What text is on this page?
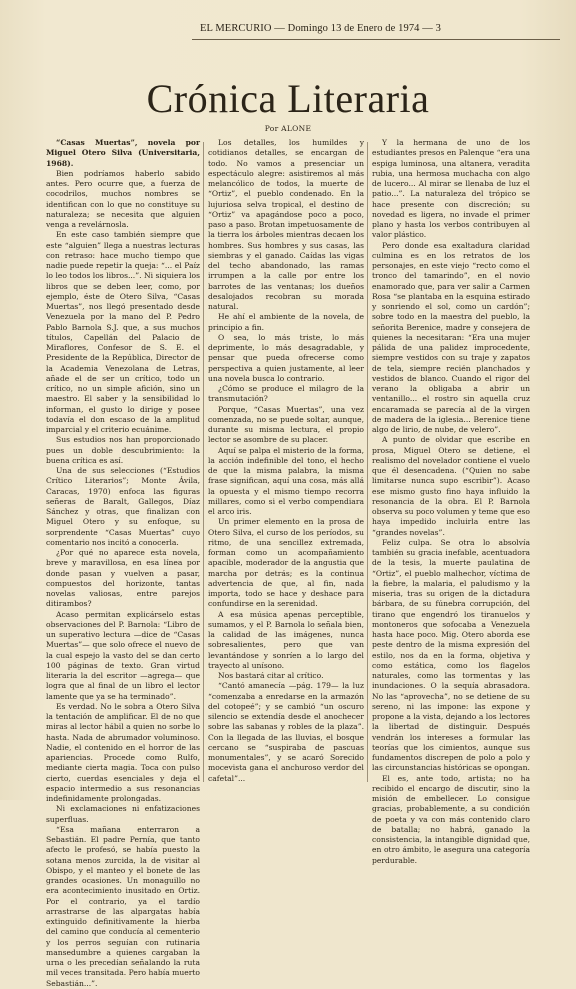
EL MERCURIO — Domingo 13 de Enero de 1974 — 3
Crónica Literaria
Por ALONE

“Casas Muertas”, novela por Miguel Otero Silva (Universitaria, 1968).

Bien podríamos haberlo sabido antes. Pero ocurre que, a fuerza de cocodrilos, muchos nombres se identifican con lo que no constituye su naturaleza; se necesita que alguien venga a revelárnosla.

En este caso también siempre que este “alguien” llega a nuestras lecturas con retraso: hace mucho tiempo que nadie puede repetir la queja: “... el Paíz lo leo todos los libros...”. Ni siquiera los libros que se deben leer, como, por ejemplo, éste de Otero Silva, “Casas Muertas”, nos llegó presentado desde Venezuela por la mano del P. Pedro Pablo Barnola S.J. que, a sus muchos títulos, Capellán del Palacio de Miraflores, Confesor de S. E. el Presidente de la República, Director de la Academia Venezolana de Letras, añade el de ser un crítico, todo un crítico, no un simple afición, sino un maestro. El saber y la sensibilidad lo informan, el gusto lo dirige y posee todavía el don escaso de la amplitud imparcial y el criterio ecuánime.

Sus estudios nos han proporcionado pues un doble descubrimiento: la buena crítica es así.

Una de sus selecciones (“Estudios Crítico Literarios”; Monte Ávila, Caracas, 1970) enfoca las figuras señeras de Baralt, Gallegos, Díaz Sánchez y otras, que finalizan con Miguel Otero y su enfoque, su sorprendente “Casas Muertas” cuyo comentario nos incitó a conocerla.

¿Por qué no aparece esta novela, breve y maravillosa, en esa línea por donde pasan y vuelven a pasar, compuestos del horizonte, tantas novelas valiosas, entre parejos ditirambos?

Acaso permitan explicárselo estas observaciones del P. Barnola: “Libro de un superativo lectura —dice de “Casas Muertas”— que solo ofrece el nuevo de la cual espejo la vasto del se dan certo 100 páginas de texto. Gran virtud literaria la del escritor —agrega— que logra que al final de un libro el lector lamente que ya se ha terminado”.

Es verdad. No le sobra a Otero Silva la tentación de amplificar. El de no que miras al lector hábil a quien no sorbe lo hasta. Nada de abrumador voluminoso. Nadie, el contenido en el horror de las apariencias. Procede como Rulfo, mediante cierta magia. Toca con pulso cierto, cuerdas esenciales y deja el espacio intermedio a sus resonancias indefinidamente prolongadas.

Ni exclamaciones ni enfatizaciones superfluas.

“Esa mañana enterraron a Sebastián. El padre Pernía, que tanto afecto le profesó, se había puesto la sotana menos zurcida, la de visitar al Obispo, y el manteo y el bonete de las grandes ocasiones. Un monaguillo no era acontecimiento inusitado en Ortiz. Por el contrario, ya el tardío arrastrarse de las alpargatas había extinguido definitivamente la hierba del camino que conducía al cementerio y los perros seguían con rutinaria mansedumbre a quienes cargaban la urna o les precedían señalando la ruta mil veces transitada. Pero había muerto Sebastián...”.

Los detalles, los humildes y cotidianos detalles, se encargan de todo. No vamos a presenciar un espectáculo alegre: asistiremos al más melancólico de todos, la muerte de “Ortiz”, el pueblo condenado. En la lujuriosa selva tropical, el destino de “Ortiz” va apagándose poco a poco, paso a paso. Brotan impetuosamente de la tierra los árboles mientras decaen los hombres. Sus hombres y sus casas, las siembras y el ganado. Caídas las vigas del techo abandonado, las ramas irrumpen a la calle por entre los barrotes de las ventanas; los dueños desalojados recobran su morada natural.

He ahí el ambiente de la novela, de principio a fin.

O sea, lo más triste, lo más deprimente, lo más desagradable, y pensar que pueda ofrecerse como perspectiva a quien justamente, al leer una novela busca lo contrario.

¿Cómo se produce el milagro de la transmutación?

Porque, “Casas Muertas”, una vez comenzada, no se puede soltar, aunque, durante su misma lectura, el propio lector se asombre de su placer.

Aquí se palpa el misterio de la forma, la acción indefinible del tono, el hecho de que la misma palabra, la misma frase significan, aquí una cosa, más allá la opuesta y el mismo tiempo recorra millares, como si el verbo compendiara el arco iris.

Un primer elemento en la prosa de Otero Silva, el curso de los períodos, su ritmo, de una sencillez extremada, forman como un acompañamiento apacible, moderador de la angustia que marcha por detrás; es la continua advertencia de que, al fin, nada importa, todo se hace y deshace para confundirse en la serenidad.

A esa música apenas perceptible, sumamos, y el P. Barnola lo señala bien, la calidad de las imágenes, nunca sobresalientes, pero que van levantándose y sonríen a lo largo del trayecto al unísono.

Nos bastará citar al crítico.

“Cantó amanecía —pág. 179— la luz “comenzaba a enredarse en la armazón del cotopeé”; y se cambió “un oscuro silencio se extendía desde el anochecer sobre las sabanas y robles de la plaza”. Con la llegada de las lluvias, el bosque cercano se “suspiraba de pascuas monumentales”, y se acaró Sorecido mocevista gana el anchuroso verdor del cafetal”...

Y la hermana de uno de los estudiantes presos en Palenque “era una espiga luminosa, una altanera, veradita rubia, una hermosa muchacha con algo de lucero... Al mirar se llenaba de luz el patio...”. La naturaleza del trópico se hace presente con discreción; su novedad es ligera, no invade el primer plano y hasta los verbos contribuyen al valor plástico.

Pero donde esa exaltadura claridad culmina es en los retratos de los personajes, en este viejo “recto como el tronco del tamarindo”, en el novio enamorado que, para ver salir a Carmen Rosa “se plantaba en la esquina estirado y sonriendo el sol, como un cardón”; sobre todo en la maestra del pueblo, la señorita Berenice, madre y consejera de quienes la necesitaran: “Era una mujer pálida de una palidez improcedente, siempre vestidos con su traje y zapatos de tela, siempre recién planchados y vestidos de blanco. Cuando el rigor del verano la obligaba a abrir un ventanillo... el rostro sin aquella cruz encaramada se parecía al de la virgen de madera de la iglesia... Berenice tiene algo de lirio, de nube, de velero”.

A punto de olvidar que escribe en prosa, Miguel Otero se detiene, el realismo del novelador contiene el vuelo que él desencadena. (“Quien no sabe limitarse nunca supo escribir”). Acaso ese mismo gusto fino haya influido la resonancia de la obra. El P. Barnola observa su poco volumen y teme que eso haya impedido incluirla entre las “grandes novelas”.

Feliz culpa. Se otra lo absolvía también su gracia inefable, acentuadora de la tesis, la muerte paulatina de “Ortiz”, el pueblo malhechor, víctima de la fiebre, la malaria, el paludismo y la miseria, tras su origen de la dictadura bárbara, de su fúnebra corrupción, del tirano que engendró los tiranuelos y montoneros que sofocaba a Venezuela hasta hace poco. Mig. Otero aborda ese peste dentro de la misma expresión del estilo, nos da en la forma, objetiva y como estática, como los flagelos naturales, como las tormentas y las inundaciones. O la sequía abrasadora. No las “aprovecha”, no se detiene de su sereno, ni las impone: las expone y propone a la vista, dejando a los lectores la libertad de distinguir. Después vendrán los intereses a formular las teorías que los cimientos, aunque sus fundamentos discrepen de polo a polo y las circunstancias históricas se opongan.

El es, ante todo, artista; no ha recibido el encargo de discutir, sino la misión de embellecer. Lo consigue gracias, probablemente, a su condición de poeta y va con más contenido claro de batalla; no habrá, ganado la consistencia, la intangible dignidad que, en otro ámbito, le asegura una categoría perdurable.
